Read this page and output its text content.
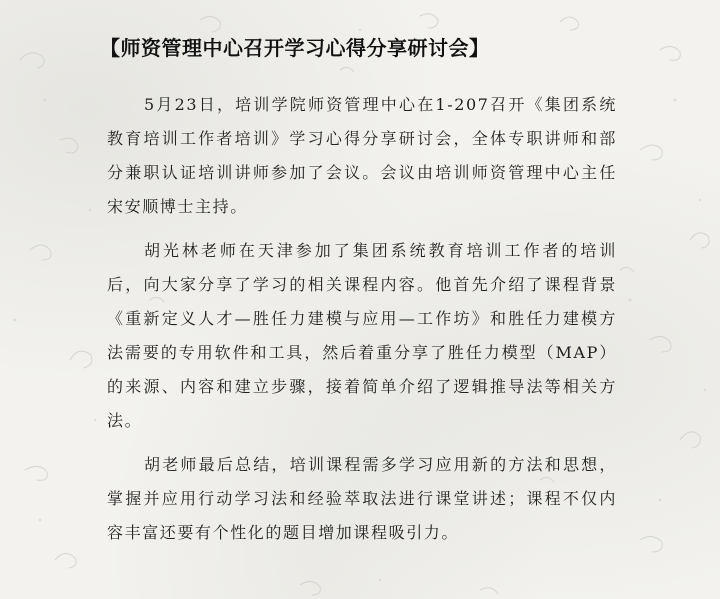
【师资管理中心召开学习心得分享研讨会】

5月23日，培训学院师资管理中心在1-207召开《集团系统教育培训工作者培训》学习心得分享研讨会，全体专职讲师和部分兼职认证培训讲师参加了会议。会议由培训师资管理中心主任宋安顺博士主持。

胡光林老师在天津参加了集团系统教育培训工作者的培训后，向大家分享了学习的相关课程内容。他首先介绍了课程背景《重新定义人才—胜任力建模与应用—工作坊》和胜任力建模方法需要的专用软件和工具，然后着重分享了胜任力模型（MAP）的来源、内容和建立步骤，接着简单介绍了逻辑推导法等相关方法。

胡老师最后总结，培训课程需多学习应用新的方法和思想，掌握并应用行动学习法和经验萃取法进行课堂讲述；课程不仅内容丰富还要有个性化的题目增加课程吸引力。
